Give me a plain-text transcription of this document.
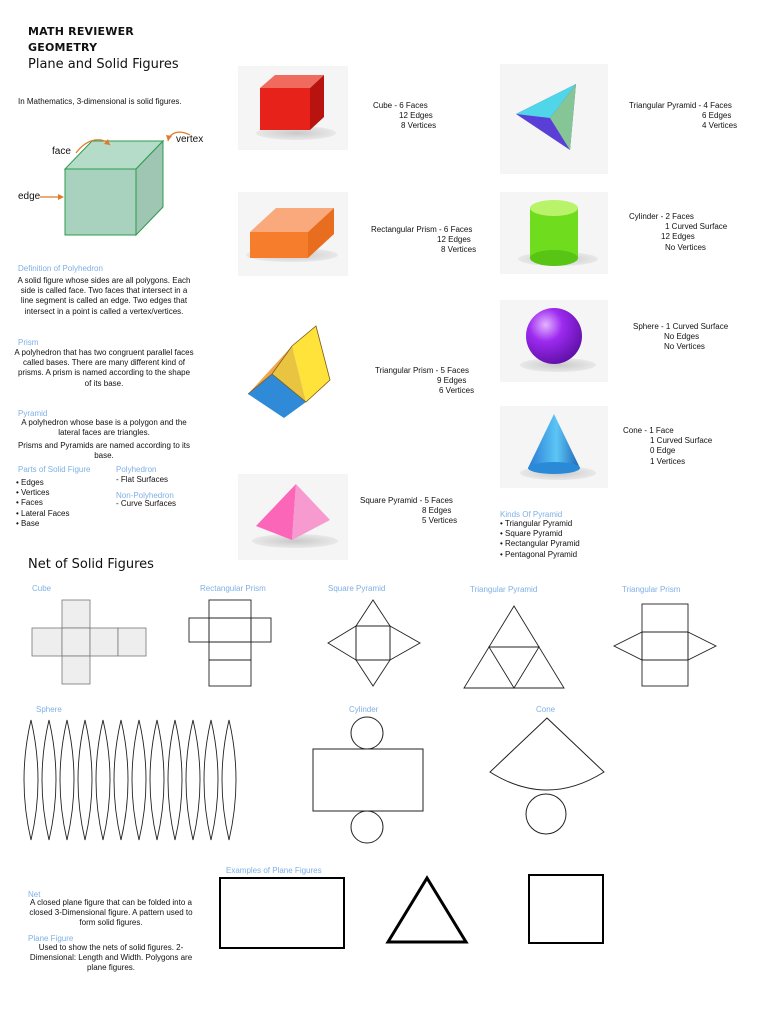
MATH REVIEWER
GEOMETRY
Plane and Solid Figures
In Mathematics, 3-dimensional is solid figures.
face
vertex
edge
Definition of Polyhedron
A solid figure whose sides are all polygons. Each side is called face. Two faces that intersect in a line segment is called an edge. Two edges that intersect in a point is called a vertex/vertices.
Prism
A polyhedron that has two congruent parallel faces called bases. There are many different kind of prisms. A prism is named according to the shape of its base.
Pyramid
A polyhedron whose base is a polygon and the lateral faces are triangles.
Prisms and Pyramids are named according to its base.
Parts of Solid Figure
• Edges
• Vertices
• Faces
• Lateral Faces
• Base
Polyhedron
- Flat Surfaces
Non-Polyhedron
- Curve Surfaces
Cube - 6 Faces
12 Edges
8 Vertices
Rectangular Prism - 6 Faces
12 Edges
8 Vertices
Triangular Prism - 5 Faces
9 Edges
6 Vertices
Square Pyramid - 5 Faces
8 Edges
5 Vertices
Triangular Pyramid - 4 Faces
6 Edges
4 Vertices
Cylinder - 2 Faces
1 Curved Surface
12 Edges
No Vertices
Sphere - 1 Curved Surface
No Edges
No Vertices
Cone - 1 Face
1 Curved Surface
0 Edge
1 Vertices
Kinds Of Pyramid
• Triangular Pyramid
• Square Pyramid
• Rectangular Pyramid
• Pentagonal Pyramid
Net of Solid Figures
Cube	Rectangular Prism	Square Pyramid	Triangular Pyramid	Triangular Prism
Sphere	Cylinder	Cone
Examples of Plane Figures
Net
A closed plane figure that can be folded into a closed 3-Dimensional figure. A pattern used to form solid figures.
Plane Figure
Used to show the nets of solid figures. 2-Dimensional: Length and Width. Polygons are plane figures.
